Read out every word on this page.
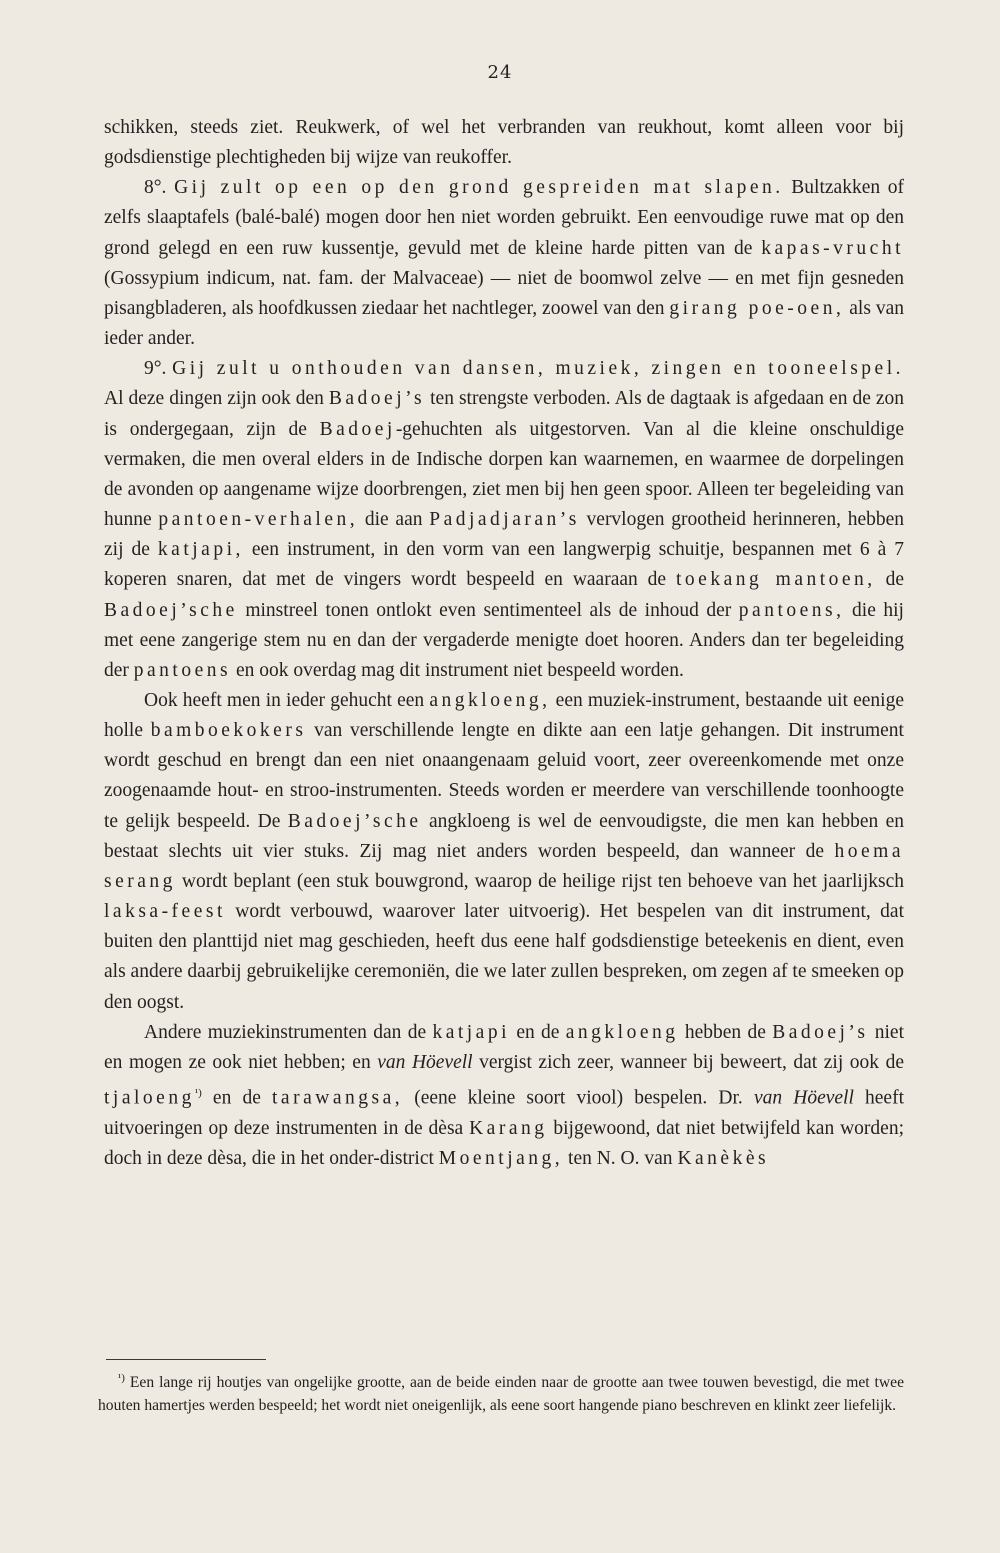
24

schikken, steeds ziet. Reukwerk, of wel het verbranden van reukhout, komt alleen voor bij godsdienstige plechtigheden bij wijze van reukoffer.

8°. Gij zult op een op den grond gespreiden mat slapen. Bultzakken of zelfs slaaptafels (balé-balé) mogen door hen niet worden gebruikt. Een eenvoudige ruwe mat op den grond gelegd en een ruw kussentje, gevuld met de kleine harde pitten van de kapas-vrucht (Gossypium indicum, nat. fam. der Malvaceae) — niet de boomwol zelve — en met fijn gesneden pisangbladeren, als hoofdkussen ziedaar het nachtleger, zoowel van den girang poe-oen, als van ieder ander.

9°. Gij zult u onthouden van dansen, muziek, zingen en tooneelspel. Al deze dingen zijn ook den Badoej’s ten strengste verboden. Als de dagtaak is afgedaan en de zon is ondergegaan, zijn de Badoej-gehuchten als uitgestorven. Van al die kleine onschuldige vermaken, die men overal elders in de Indische dorpen kan waarnemen, en waarmee de dorpelingen de avonden op aangename wijze doorbrengen, ziet men bij hen geen spoor. Alleen ter begeleiding van hunne pantoen-verhalen, die aan Padjadjaran’s vervlogen grootheid herinneren, hebben zij de katjapi, een instrument, in den vorm van een langwerpig schuitje, bespannen met 6 à 7 koperen snaren, dat met de vingers wordt bespeeld en waaraan de toekang mantoen, de Badoej’sche minstreel tonen ontlokt even sentimenteel als de inhoud der pantoens, die hij met eene zangerige stem nu en dan der vergaderde menigte doet hooren. Anders dan ter begeleiding der pantoens en ook overdag mag dit instrument niet bespeeld worden.

Ook heeft men in ieder gehucht een angkloeng, een muziek-instrument, bestaande uit eenige holle bamboekokers van verschillende lengte en dikte aan een latje gehangen. Dit instrument wordt geschud en brengt dan een niet onaangenaam geluid voort, zeer overeenkomende met onze zoogenaamde hout- en stroo-instrumenten. Steeds worden er meerdere van verschillende toonhoogte te gelijk bespeeld. De Badoej’sche angkloeng is wel de eenvoudigste, die men kan hebben en bestaat slechts uit vier stuks. Zij mag niet anders worden bespeeld, dan wanneer de hoema serang wordt beplant (een stuk bouwgrond, waarop de heilige rijst ten behoeve van het jaarlijksch laksa-feest wordt verbouwd, waarover later uitvoerig). Het bespelen van dit instrument, dat buiten den planttijd niet mag geschieden, heeft dus eene half godsdienstige beteekenis en dient, even als andere daarbij gebruikelijke ceremoniën, die we later zullen bespreken, om zegen af te smeeken op den oogst.

Andere muziekinstrumenten dan de katjapi en de angkloeng hebben de Badoej’s niet en mogen ze ook niet hebben; en van Höevell vergist zich zeer, wanneer bij beweert, dat zij ook de tjaloeng$^{^1)}$ en de tarawangsa, (eene kleine soort viool) bespelen. Dr. van Höevell heeft uitvoeringen op deze instrumenten in de dèsa Karang bijgewoond, dat niet betwijfeld kan worden; doch in deze dèsa, die in het onder-district Moentjang, ten N. O. van Kanèkès

$^{^1)}$ Een lange rij houtjes van ongelijke grootte, aan de beide einden naar de grootte aan twee touwen bevestigd, die met twee houten hamertjes werden bespeeld; het wordt niet oneigenlijk, als eene soort hangende piano beschreven en klinkt zeer liefelijk.
